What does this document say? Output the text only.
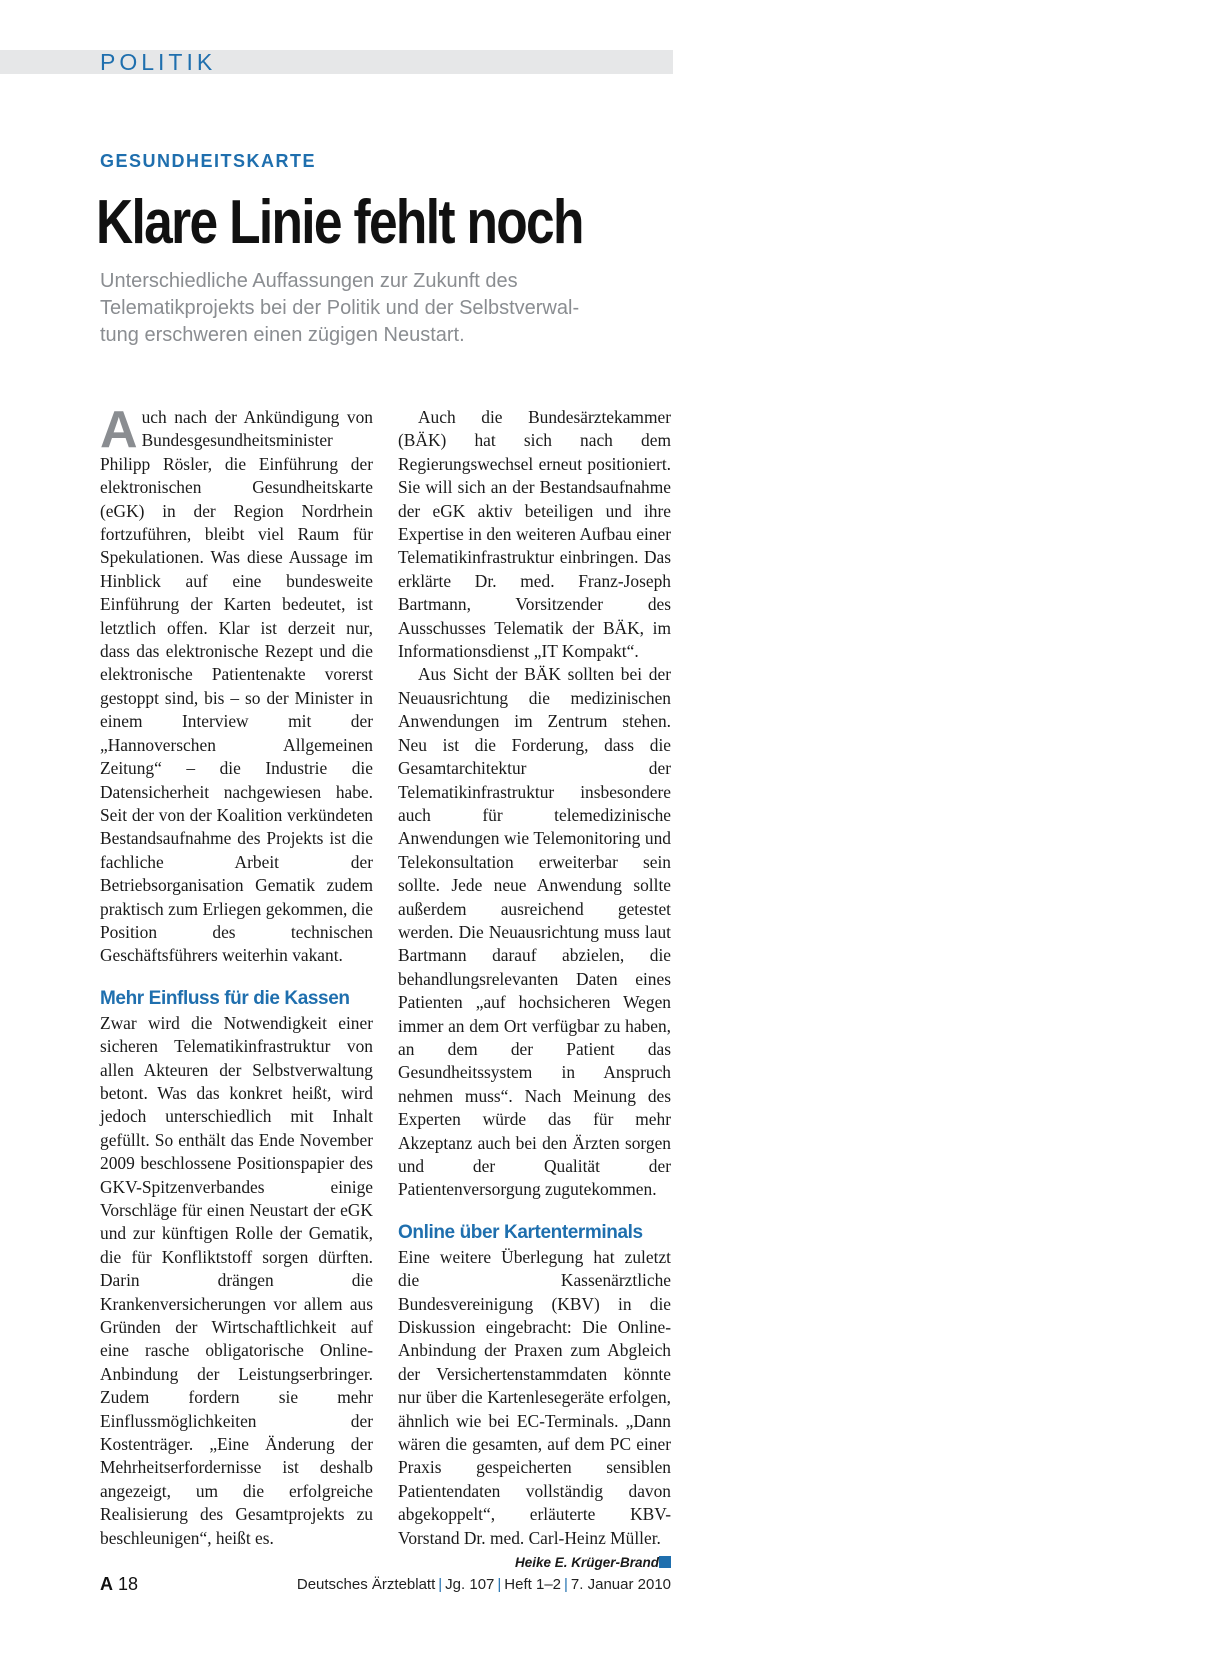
POLITIK
GESUNDHEITSKARTE
Klare Linie fehlt noch
Unterschiedliche Auffassungen zur Zukunft des
Telematikprojekts bei der Politik und der Selbstverwal-
tung erschweren einen zügigen Neustart.

A uch nach der Ankündigung von Bundesgesundheitsminister Philipp Rösler, die Einführung der elektronischen Gesundheitskarte (eGK) in der Region Nordrhein fortzuführen, bleibt viel Raum für Spekulationen. Was diese Aussage im Hinblick auf eine bundesweite Einführung der Karten bedeutet, ist letztlich offen. Klar ist derzeit nur, dass das elektronische Rezept und die elektronische Patientenakte vorerst gestoppt sind, bis – so der Minister in einem Interview mit der „Hannoverschen Allgemeinen Zeitung“ – die Industrie die Datensicherheit nachgewiesen habe. Seit der von der Koalition verkündeten Bestandsaufnahme des Projekts ist die fachliche Arbeit der Betriebsorganisation Gematik zudem praktisch zum Erliegen gekommen, die Position des technischen Geschäftsführers weiterhin vakant.

Mehr Einfluss für die Kassen

Zwar wird die Notwendigkeit einer sicheren Telematikinfrastruktur von allen Akteuren der Selbstverwaltung betont. Was das konkret heißt, wird jedoch unterschiedlich mit Inhalt gefüllt. So enthält das Ende November 2009 beschlossene Positionspapier des GKV-Spitzenverbandes einige Vorschläge für einen Neustart der eGK und zur künftigen Rolle der Gematik, die für Konfliktstoff sorgen dürften. Darin drängen die Krankenversicherungen vor allem aus Gründen der Wirtschaftlichkeit auf eine rasche obligatorische Online-Anbindung der Leistungserbringer. Zudem fordern sie mehr Einflussmöglichkeiten der Kostenträger. „Eine Änderung der Mehrheitserfordernisse ist deshalb angezeigt, um die erfolgreiche Realisierung des Gesamtprojekts zu beschleunigen“, heißt es.

Auch die Bundesärztekammer (BÄK) hat sich nach dem Regierungswechsel erneut positioniert. Sie will sich an der Bestandsaufnahme der eGK aktiv beteiligen und ihre Expertise in den weiteren Aufbau einer Telematikinfrastruktur einbringen. Das erklärte Dr. med. Franz-Joseph Bartmann, Vorsitzender des Ausschusses Telematik der BÄK, im Informationsdienst „IT Kompakt“.

Aus Sicht der BÄK sollten bei der Neuausrichtung die medizinischen Anwendungen im Zentrum stehen. Neu ist die Forderung, dass die Gesamtarchitektur der Telematikinfrastruktur insbesondere auch für telemedizinische Anwendungen wie Telemonitoring und Telekonsultation erweiterbar sein sollte. Jede neue Anwendung sollte außerdem ausreichend getestet werden. Die Neuausrichtung muss laut Bartmann darauf abzielen, die behandlungsrelevanten Daten eines Patienten „auf hochsicheren Wegen immer an dem Ort verfügbar zu haben, an dem der Patient das Gesundheitssystem in Anspruch nehmen muss“. Nach Meinung des Experten würde das für mehr Akzeptanz auch bei den Ärzten sorgen und der Qualität der Patientenversorgung zugutekommen.

Online über Kartenterminals

Eine weitere Überlegung hat zuletzt die Kassenärztliche Bundesvereinigung (KBV) in die Diskussion eingebracht: Die Online-Anbindung der Praxen zum Abgleich der Versichertenstammdaten könnte nur über die Kartenlesegeräte erfolgen, ähnlich wie bei EC-Terminals. „Dann wären die gesamten, auf dem PC einer Praxis gespeicherten sensiblen Patientendaten vollständig davon abgekoppelt“, erläuterte KBV-Vorstand Dr. med. Carl-Heinz Müller.

Heike E. Krüger-Brand
A 18	Deutsches Ärzteblatt | Jg. 107 | Heft 1–2 | 7. Januar 2010
